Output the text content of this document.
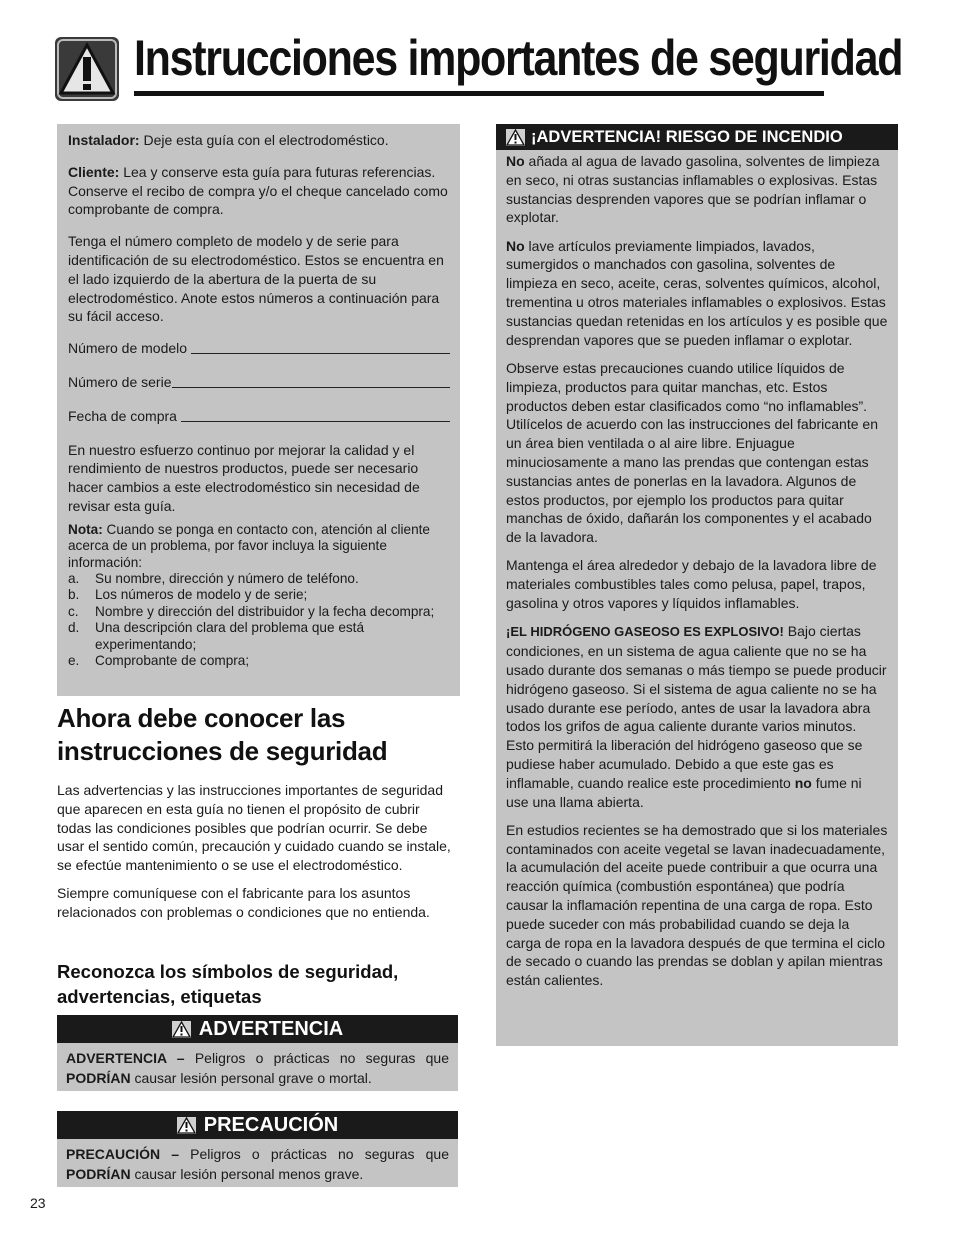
Instrucciones importantes de seguridad

Instalador: Deje esta guía con el electrodoméstico.

Cliente: Lea y conserve esta guía para futuras referencias. Conserve el recibo de compra y/o el cheque cancelado como comprobante de compra.

Tenga el número completo de modelo y de serie para identificación de su electrodoméstico. Estos se encuentra en el lado izquierdo de la abertura de la puerta de su electrodoméstico. Anote estos números a continuación para su fácil acceso.

Número de modelo
Número de serie
Fecha de compra

En nuestro esfuerzo continuo por mejorar la calidad y el rendimiento de nuestros productos, puede ser necesario hacer cambios a este electrodoméstico sin necesidad de revisar esta guía.

Nota: Cuando se ponga en contacto con, atención al cliente acerca de un problema, por favor incluya la siguiente información:

a.	Su nombre, dirección y número de teléfono.
b.	Los números de modelo y de serie;
c.	Nombre y dirección del distribuidor y la fecha decompra;
d.	Una descripción clara del problema que está experimentando;
e.	Comprobante de compra;
Ahora debe conocer las instrucciones de seguridad

Las advertencias y las instrucciones importantes de seguridad que aparecen en esta guía no tienen el propósito de cubrir todas las condiciones posibles que podrían ocurrir. Se debe usar el sentido común, precaución y cuidado cuando se instale, se efectúe mantenimiento o se use el electrodoméstico.

Siempre comuníquese con el fabricante para los asuntos relacionados con problemas o condiciones que no entienda.

Reconozca los símbolos de seguridad, advertencias, etiquetas
ADVERTENCIA
ADVERTENCIA – Peligros o prácticas no seguras que PODRÍAN causar lesión personal grave o mortal.
PRECAUCIÓN
PRECAUCIÓN – Peligros o prácticas no seguras que PODRÍAN causar lesión personal menos grave.
¡ADVERTENCIA! RIESGO DE INCENDIO

No añada al agua de lavado gasolina, solventes de limpieza en seco, ni otras sustancias inflamables o explosivas. Estas sustancias desprenden vapores que se podrían inflamar o explotar.

No lave artículos previamente limpiados, lavados, sumergidos o manchados con gasolina, solventes de limpieza en seco, aceite, ceras, solventes químicos, alcohol, trementina u otros materiales inflamables o explosivos. Estas sustancias quedan retenidas en los artículos y es posible que desprendan vapores que se pueden inflamar o explotar.

Observe estas precauciones cuando utilice líquidos de limpieza, productos para quitar manchas, etc. Estos productos deben estar clasificados como “no inflamables”. Utilícelos de acuerdo con las instrucciones del fabricante en un área bien ventilada o al aire libre. Enjuague minuciosamente a mano las prendas que contengan estas sustancias antes de ponerlas en la lavadora. Algunos de estos productos, por ejemplo los productos para quitar manchas de óxido, dañarán los componentes y el acabado de la lavadora.

Mantenga el área alrededor y debajo de la lavadora libre de materiales combustibles tales como pelusa, papel, trapos, gasolina y otros vapores y líquidos inflamables.

¡EL HIDRÓGENO GASEOSO ES EXPLOSIVO! Bajo ciertas condiciones, en un sistema de agua caliente que no se ha usado durante dos semanas o más tiempo se puede producir hidrógeno gaseoso. Si el sistema de agua caliente no se ha usado durante ese período, antes de usar la lavadora abra todos los grifos de agua caliente durante varios minutos. Esto permitirá la liberación del hidrógeno gaseoso que se pudiese haber acumulado. Debido a que este gas es inflamable, cuando realice este procedimiento no fume ni use una llama abierta.

En estudios recientes se ha demostrado que si los materiales contaminados con aceite vegetal se lavan inadecuadamente, la acumulación del aceite puede contribuir a que ocurra una reacción química (combustión espontánea) que podría causar la inflamación repentina de una carga de ropa. Esto puede suceder con más probabilidad cuando se deja la carga de ropa en la lavadora después de que termina el ciclo de secado o cuando las prendas se doblan y apilan mientras están calientes.

23
